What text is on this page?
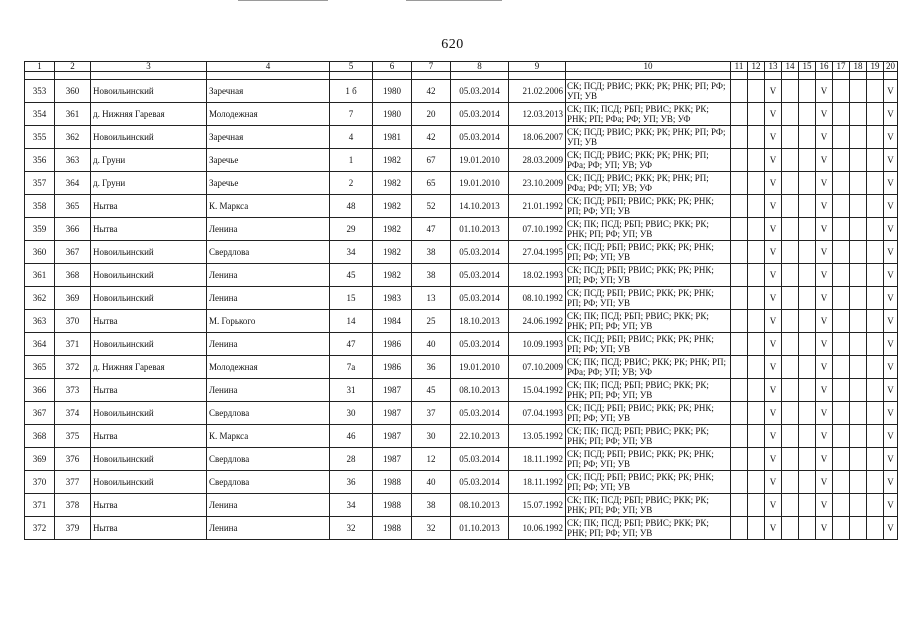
620
1	2	3	4	5	6	7	8	9	10	11	12	13	14	15	16	17	18	19	20

353	360	Новоильинский	Заречная	1 б	1980	42	05.03.2014	21.02.2006	СК; ПСД; РВИС; РКК; РК; РНК; РП; РФ; УП; УВ			V			V				V
354	361	д. Нижняя Гаревая	Молодежная	7	1980	20	05.03.2014	12.03.2013	СК; ПК; ПСД; РБП; РВИС; РКК; РК; РНК; РП; РФа; РФ; УП; УВ; УФ			V			V				V
355	362	Новоильинский	Заречная	4	1981	42	05.03.2014	18.06.2007	СК; ПСД; РВИС; РКК; РК; РНК; РП; РФ; УП; УВ			V			V				V
356	363	д. Груни	Заречье	1	1982	67	19.01.2010	28.03.2009	СК; ПСД; РВИС; РКК; РК; РНК; РП; РФа; РФ; УП; УВ; УФ			V			V				V
357	364	д. Груни	Заречье	2	1982	65	19.01.2010	23.10.2009	СК; ПСД; РВИС; РКК; РК; РНК; РП; РФа; РФ; УП; УВ; УФ			V			V				V
358	365	Нытва	К. Маркса	48	1982	52	14.10.2013	21.01.1992	СК; ПСД; РБП; РВИС; РКК; РК; РНК; РП; РФ; УП; УВ			V			V				V
359	366	Нытва	Ленина	29	1982	47	01.10.2013	07.10.1992	СК; ПК; ПСД; РБП; РВИС; РКК; РК; РНК; РП; РФ; УП; УВ			V			V				V
360	367	Новоильинский	Свердлова	34	1982	38	05.03.2014	27.04.1995	СК; ПСД; РБП; РВИС; РКК; РК; РНК; РП; РФ; УП; УВ			V			V				V
361	368	Новоильинский	Ленина	45	1982	38	05.03.2014	18.02.1993	СК; ПСД; РБП; РВИС; РКК; РК; РНК; РП; РФ; УП; УВ			V			V				V
362	369	Новоильинский	Ленина	15	1983	13	05.03.2014	08.10.1992	СК; ПСД; РБП; РВИС; РКК; РК; РНК; РП; РФ; УП; УВ			V			V				V
363	370	Нытва	М. Горького	14	1984	25	18.10.2013	24.06.1992	СК; ПК; ПСД; РБП; РВИС; РКК; РК; РНК; РП; РФ; УП; УВ			V			V				V
364	371	Новоильинский	Ленина	47	1986	40	05.03.2014	10.09.1993	СК; ПСД; РБП; РВИС; РКК; РК; РНК; РП; РФ; УП; УВ			V			V				V
365	372	д. Нижняя Гаревая	Молодежная	7а	1986	36	19.01.2010	07.10.2009	СК; ПК; ПСД; РВИС; РКК; РК; РНК; РП; РФа; РФ; УП; УВ; УФ			V			V				V
366	373	Нытва	Ленина	31	1987	45	08.10.2013	15.04.1992	СК; ПК; ПСД; РБП; РВИС; РКК; РК; РНК; РП; РФ; УП; УВ			V			V				V
367	374	Новоильинский	Свердлова	30	1987	37	05.03.2014	07.04.1993	СК; ПСД; РБП; РВИС; РКК; РК; РНК; РП; РФ; УП; УВ			V			V				V
368	375	Нытва	К. Маркса	46	1987	30	22.10.2013	13.05.1992	СК; ПК; ПСД; РБП; РВИС; РКК; РК; РНК; РП; РФ; УП; УВ			V			V				V
369	376	Новоильинский	Свердлова	28	1987	12	05.03.2014	18.11.1992	СК; ПСД; РБП; РВИС; РКК; РК; РНК; РП; РФ; УП; УВ			V			V				V
370	377	Новоильинский	Свердлова	36	1988	40	05.03.2014	18.11.1992	СК; ПСД; РБП; РВИС; РКК; РК; РНК; РП; РФ; УП; УВ			V			V				V
371	378	Нытва	Ленина	34	1988	38	08.10.2013	15.07.1992	СК; ПК; ПСД; РБП; РВИС; РКК; РК; РНК; РП; РФ; УП; УВ			V			V				V
372	379	Нытва	Ленина	32	1988	32	01.10.2013	10.06.1992	СК; ПК; ПСД; РБП; РВИС; РКК; РК; РНК; РП; РФ; УП; УВ			V			V				V
